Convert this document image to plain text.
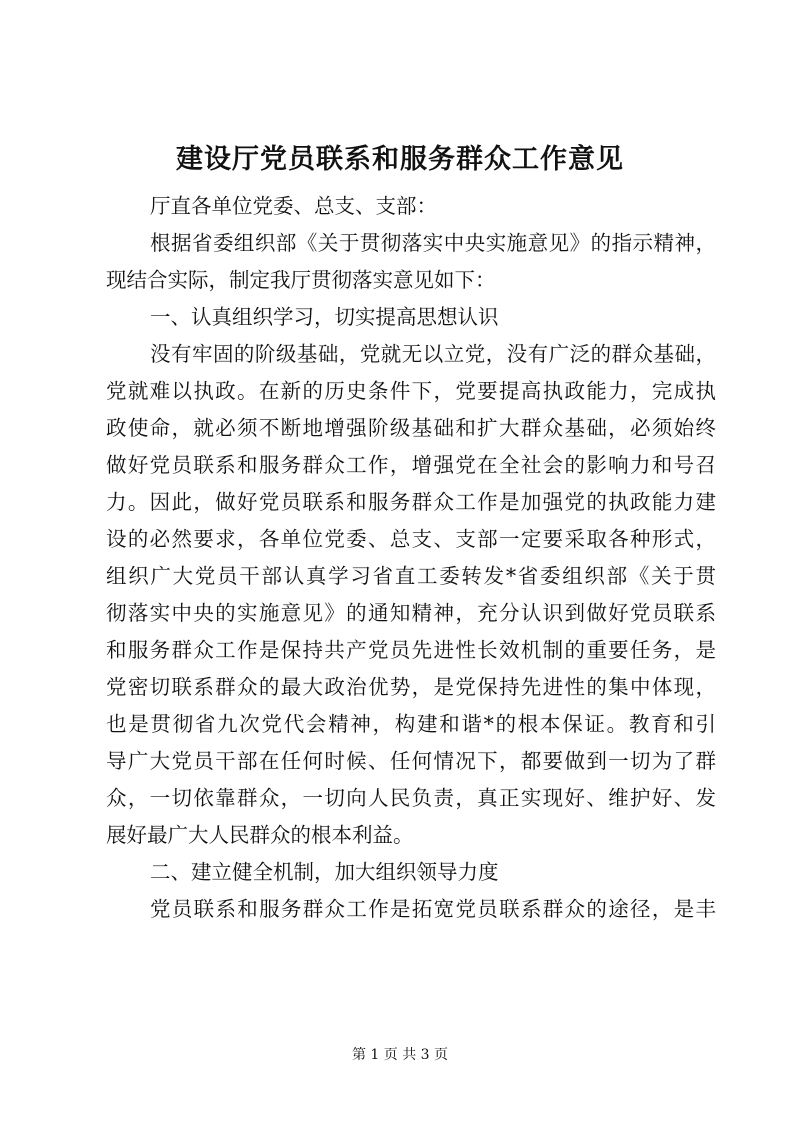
建设厅党员联系和服务群众工作意见
厅直各单位党委、总支、支部：
根据省委组织部《关于贯彻落实中央实施意见》的指示精神，
现结合实际，制定我厅贯彻落实意见如下：
一、认真组织学习，切实提高思想认识
没有牢固的阶级基础，党就无以立党，没有广泛的群众基础，
党就难以执政。在新的历史条件下，党要提高执政能力，完成执
政使命，就必须不断地增强阶级基础和扩大群众基础，必须始终
做好党员联系和服务群众工作，增强党在全社会的影响力和号召
力。因此，做好党员联系和服务群众工作是加强党的执政能力建
设的必然要求，各单位党委、总支、支部一定要采取各种形式，
组织广大党员干部认真学习省直工委转发*省委组织部《关于贯
彻落实中央的实施意见》的通知精神，充分认识到做好党员联系
和服务群众工作是保持共产党员先进性长效机制的重要任务，是
党密切联系群众的最大政治优势，是党保持先进性的集中体现，
也是贯彻省九次党代会精神，构建和谐*的根本保证。教育和引
导广大党员干部在任何时候、任何情况下，都要做到一切为了群
众，一切依靠群众，一切向人民负责，真正实现好、维护好、发
展好最广大人民群众的根本利益。
二、建立健全机制，加大组织领导力度
党员联系和服务群众工作是拓宽党员联系群众的途径，是丰
第 1 页 共 3 页
